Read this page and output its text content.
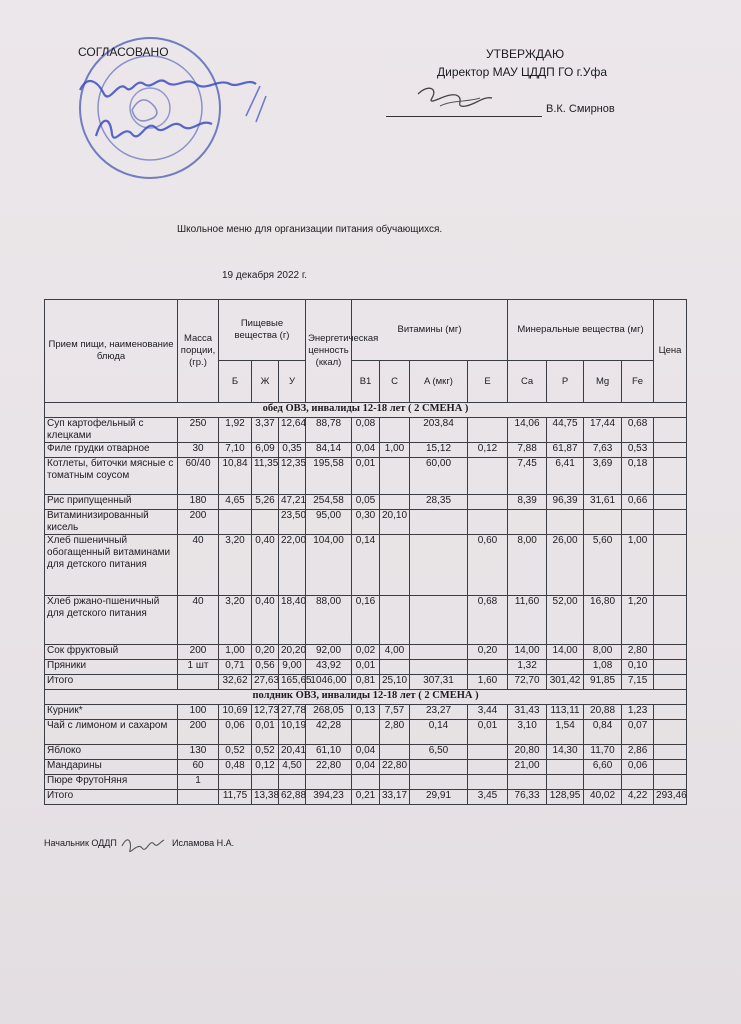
СОГЛАСОВАНО	УТВЕРЖДАЮ
Директор МАУ ЦДДП ГО г.Уфа
В.К. Смирнов
Школьное меню для организации питания обучающихся.
19 декабря 2022 г.
Прием пищи, наименование блюда	Масса порции, (гр.)	Пищевые вещества (г)			Энергетическая ценность (ккал)	Витамины (мг)				Минеральные вещества (мг)				Цена
		Б	Ж	У		B1	C	A (мкг)	E	Ca	P	Mg	Fe	
обед ОВЗ, инвалиды 12-18 лет ( 2 СМЕНА )														
Суп картофельный с клецками	250	1,92	3,37	12,64	88,78	0,08		203,84		14,06	44,75	17,44	0,68	
Филе грудки отварное	30	7,10	6,09	0,35	84,14	0,04	1,00	15,12	0,12	7,88	61,87	7,63	0,53	
Котлеты, биточки мясные с томатным соусом	60/40	10,84	11,35	12,35	195,58	0,01		60,00		7,45	6,41	3,69	0,18	
Рис припущенный	180	4,65	5,26	47,21	254,58	0,05		28,35		8,39	96,39	31,61	0,66	
Витаминизированный кисель	200			23,50	95,00	0,30	20,10							
Хлеб пшеничный обогащенный витаминами для детского питания	40	3,20	0,40	22,00	104,00	0,14			0,60	8,00	26,00	5,60	1,00	
Хлеб ржано-пшеничный для детского питания	40	3,20	0,40	18,40	88,00	0,16			0,68	11,60	52,00	16,80	1,20	
Сок фруктовый	200	1,00	0,20	20,20	92,00	0,02	4,00		0,20	14,00	14,00	8,00	2,80	
Пряники	1 шт	0,71	0,56	9,00	43,92	0,01				1,32		1,08	0,10	
Итого		32,62	27,63	165,65	1046,00	0,81	25,10	307,31	1,60	72,70	301,42	91,85	7,15	
полдник ОВЗ, инвалиды 12-18 лет ( 2 СМЕНА )														
Курник*	100	10,69	12,73	27,78	268,05	0,13	7,57	23,27	3,44	31,43	113,11	20,88	1,23	
Чай с лимоном и сахаром	200	0,06	0,01	10,19	42,28		2,80	0,14	0,01	3,10	1,54	0,84	0,07	
Яблоко	130	0,52	0,52	20,41	61,10	0,04		6,50		20,80	14,30	11,70	2,86	
Мандарины	60	0,48	0,12	4,50	22,80	0,04	22,80			21,00		6,60	0,06	
Пюре ФрутоНяня	1													
Итого		11,75	13,38	62,88	394,23	0,21	33,17	29,91	3,45	76,33	128,95	40,02	4,22	293,46
Начальник ОДДП	Исламова Н.А.
